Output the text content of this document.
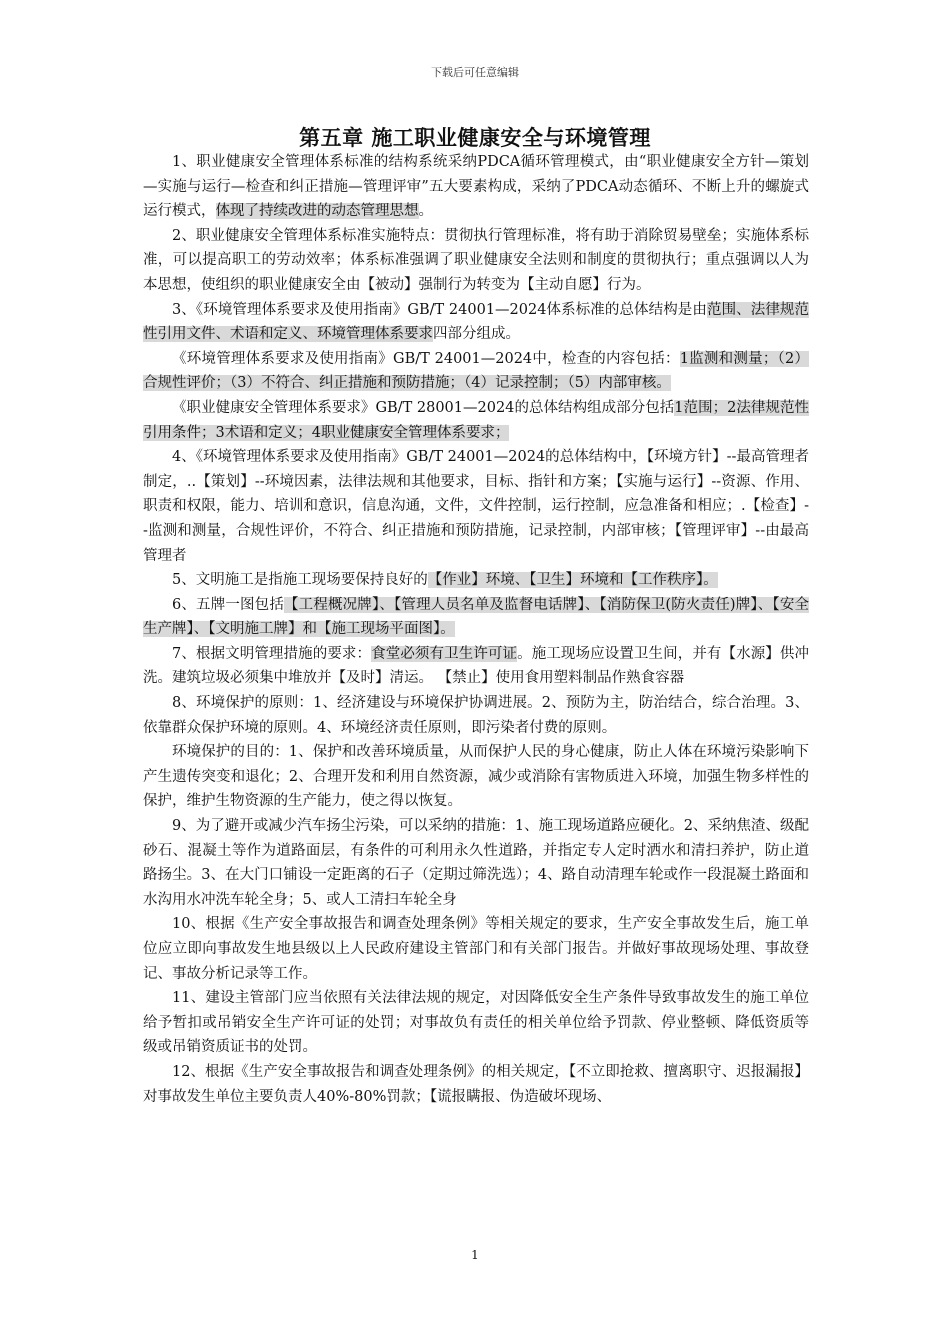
下载后可任意编辑
第五章 施工职业健康安全与环境管理

1、职业健康安全管理体系标准的结构系统采纳PDCA循环管理模式，由“职业健康安全方针—策划—实施与运行—检查和纠正措施—管理评审”五大要素构成，采纳了PDCA动态循环、不断上升的螺旋式运行模式，体现了持续改进的动态管理思想。

2、职业健康安全管理体系标准实施特点：贯彻执行管理标准，将有助于消除贸易壁垒；实施体系标准，可以提高职工的劳动效率；体系标准强调了职业健康安全法则和制度的贯彻执行；重点强调以人为本思想，使组织的职业健康安全由【被动】强制行为转变为【主动自愿】行为。

3、《环境管理体系要求及使用指南》GB/T 24001—2024体系标准的总体结构是由范围、法律规范性引用文件、术语和定义、环境管理体系要求四部分组成。

《环境管理体系要求及使用指南》GB/T 24001—2024中，检查的内容包括：1监测和测量；（2）合规性评价；（3）不符合、纠正措施和预防措施；（4）记录控制；（5）内部审核。

《职业健康安全管理体系要求》GB/T 28001—2024的总体结构组成部分包括1范围；2法律规范性引用条件；3术语和定义；4职业健康安全管理体系要求；

4、《环境管理体系要求及使用指南》GB/T 24001—2024的总体结构中，【环境方针】--最高管理者制定，..【策划】--环境因素，法律法规和其他要求，目标、指针和方案；【实施与运行】--资源、作用、职责和权限，能力、培训和意识，信息沟通，文件，文件控制，运行控制，应急准备和相应；.【检查】--监测和测量，合规性评价，不符合、纠正措施和预防措施，记录控制，内部审核；【管理评审】--由最高管理者

5、文明施工是指施工现场要保持良好的【作业】环境、【卫生】环境和【工作秩序】。

6、五牌一图包括【工程概况牌】、【管理人员名单及监督电话牌】、【消防保卫(防火责任)牌】、【安全生产牌】、【文明施工牌】和【施工现场平面图】。

7、根据文明管理措施的要求：食堂必须有卫生许可证。施工现场应设置卫生间，并有【水源】供冲洗。建筑垃圾必须集中堆放并【及时】清运。 【禁止】使用食用塑料制品作熟食容器

8、环境保护的原则：1、经济建设与环境保护协调进展。2、预防为主，防治结合，综合治理。3、依靠群众保护环境的原则。4、环境经济责任原则，即污染者付费的原则。

环境保护的目的：1、保护和改善环境质量，从而保护人民的身心健康，防止人体在环境污染影响下产生遗传突变和退化；2、合理开发和利用自然资源，减少或消除有害物质进入环境，加强生物多样性的保护，维护生物资源的生产能力，使之得以恢复。

9、为了避开或减少汽车扬尘污染，可以采纳的措施：1、施工现场道路应硬化。2、采纳焦渣、级配砂石、混凝土等作为道路面层，有条件的可利用永久性道路，并指定专人定时洒水和清扫养护，防止道路扬尘。3、在大门口铺设一定距离的石子（定期过筛洗选）；4、路自动清理车轮或作一段混凝土路面和水沟用水冲洗车轮全身；5、或人工清扫车轮全身

10、根据《生产安全事故报告和调查处理条例》等相关规定的要求，生产安全事故发生后，施工单位应立即向事故发生地县级以上人民政府建设主管部门和有关部门报告。并做好事故现场处理、事故登记、事故分析记录等工作。

11、建设主管部门应当依照有关法律法规的规定，对因降低安全生产条件导致事故发生的施工单位给予暂扣或吊销安全生产许可证的处罚；对事故负有责任的相关单位给予罚款、停业整顿、降低资质等级或吊销资质证书的处罚。

12、根据《生产安全事故报告和调查处理条例》的相关规定，【不立即抢救、擅离职守、迟报漏报】对事故发生单位主要负责人40%-80%罚款；【谎报瞒报、伪造破坏现场、

1
